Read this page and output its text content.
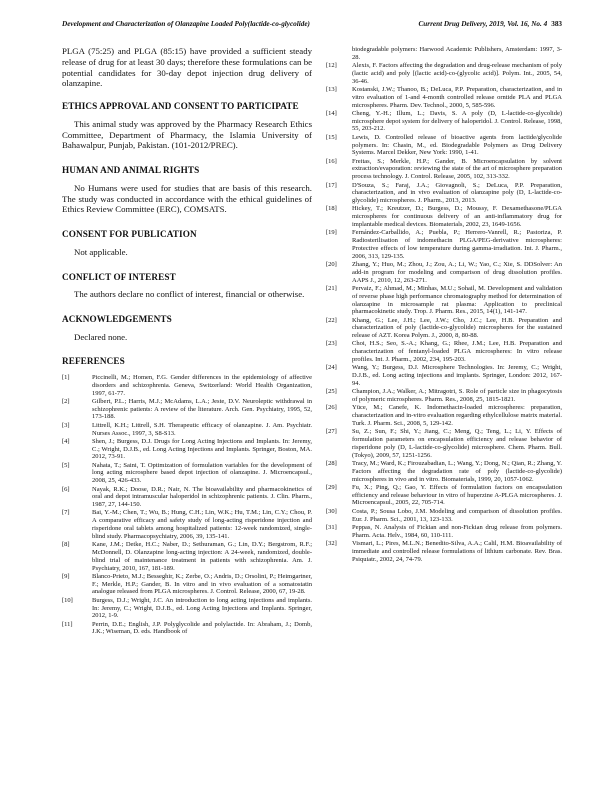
Development and Characterization of Olanzapine Loaded Poly(lactide-co-glycolide)	Current Drug Delivery, 2019, Vol. 16, No. 4 383

PLGA (75:25) and PLGA (85:15) have provided a sufficient steady release of drug for at least 30 days; therefore these formulations can be potential candidates for 30-day depot injection drug delivery of olanzapine.

ETHICS APPROVAL AND CONSENT TO PARTICIPATE

This animal study was approved by the Pharmacy Research Ethics Committee, Department of Pharmacy, the Islamia University of Bahawalpur, Punjab, Pakistan. (101-2012/PREC).

HUMAN AND ANIMAL RIGHTS

No Humans were used for studies that are basis of this research. The study was conducted in accordance with the ethical guidelines of Ethics Review Committee (ERC), COMSATS.

CONSENT FOR PUBLICATION

Not applicable.

CONFLICT OF INTEREST

The authors declare no conflict of interest, financial or otherwise.

ACKNOWLEDGEMENTS

Declared none.

REFERENCES
[1]	Piccinelli, M.; Homen, F.G. Gender differences in the epidemiology of affective disorders and schizophrenia. Geneva, Switzerland: World Health Organization, 1997, 61-77.
[2]	Gilbert, P.L.; Harris, M.J.; McAdams, L.A.; Jeste, D.V. Neuroleptic withdrawal in schizophrenic patients: A review of the literature. Arch. Gen. Psychiatry, 1995, 52, 173-188.
[3]	Littrell, K.H.; Littrell, S.H. Therapeutic efficacy of olanzapine. J. Am. Psychiatr. Nurses Assoc., 1997, 3, S8-S13.
[4]	Shen, J.; Burgess, D.J. Drugs for Long Acting Injections and Implants. In: Jeremy, C.; Wright, D.J.B., ed. Long Acting Injections and Implants. Springer, Boston, MA. 2012, 73-91.
[5]	Nahata, T.; Saini, T. Optimization of formulation variables for the development of long acting microsphere based depot injection of olanzapine. J. Microencapsul., 2008, 25, 426-433.
[6]	Nayak, R.K.; Doose, D.R.; Nair, N. The bioavailability and pharmacokinetics of oral and depot intramuscular haloperidol in schizophrenic patients. J. Clin. Pharm., 1987, 27, 144-150.
[7]	Bai, Y.-M.; Chen, T.; Wu, B.; Hung, C.H.; Lin, W.K.; Hu, T.M.; Lin, C.Y.; Chou, P. A comparative efficacy and safety study of long-acting risperidone injection and risperidone oral tablets among hospitalized patients: 12-week randomized, single-blind study. Pharmacopsychiatry, 2006, 39, 135-141.
[8]	Kane, J.M.; Detke, H.C.; Naber, D.; Sethuraman, G.; Lin, D.Y.; Bergstrom, R.F.; McDonnell, D. Olanzapine long-acting injection: A 24-week, randomized, double-blind trial of maintenance treatment in patients with schizophrenia. Am. J. Psychiatry, 2010, 167, 181-189.
[9]	Blanco-Prieto, M.J.; Besseghir, K.; Zerbe, O.; Andris, D.; Orsolini, P.; Heimgartner, F.; Merkle, H.P.; Gander, B. In vitro and in vivo evaluation of a somatostatin analogue released from PLGA microspheres. J. Control. Release, 2000, 67, 19-28.
[10]	Burgess, D.J.; Wright, J.C. An introduction to long acting injections and implants. In: Jeremy, C.; Wright, D.J.B., ed. Long Acting Injections and Implants. Springer, 2012, 1-9.
[11]	Perrin, D.E.; English, J.P. Polyglycolide and polylactide. In: Abraham, J.; Domb, J.K.; Wiseman, D. eds. Handbook of
biodegradable polymers: Harwood Academic Publishers, Amsterdam: 1997, 3-28.
[12] Alexis, F. Factors affecting the degradation and drug-release mechanism of poly (lactic acid) and poly [(lactic acid)-co-(glycolic acid)]. Polym. Int., 2005, 54, 36-46.
[13] Kostanski, J.W.; Thanoo, B.; DeLuca, P.P. Preparation, characterization, and in vitro evaluation of 1-and 4-month controlled release orntide PLA and PLGA microspheres. Pharm. Dev. Technol., 2000, 5, 585-596.
[14] Cheng, Y.-H.; Illum, L.; Davis, S. A poly (D, L-lactide-co-glycolide) microsphere depot system for delivery of haloperidol. J. Control. Release, 1998, 55, 203-212.
[15] Lewis, D. Controlled release of bioactive agents from lactide/glycolide polymers. In: Chasin, M., ed. Biodegradable Polymers as Drug Delivery Systems. Marcel Dekker, New York: 1990, 1-41.
[16] Freitas, S.; Merkle, H.P.; Gander, B. Microencapsulation by solvent extraction/evaporation: reviewing the state of the art of microsphere preparation process technology. J. Control. Release, 2005, 102, 313-332.
[17] D'Souza, S.; Faraj, J.A.; Giovagnoli, S.; DeLuca, P.P. Preparation, characterization, and in vivo evaluation of olanzapine poly (D, L-lactide-co-glycolide) microspheres. J. Pharm., 2013, 2013.
[18] Hickey, T.; Kreutzer, D.; Burgess, D.; Moussy, F. Dexamethasone/PLGA microspheres for continuous delivery of an anti-inflammatory drug for implantable medical devices. Biomaterials, 2002, 23, 1649-1656.
[19] Fernández-Carballido, A.; Puebla, P.; Herrero-Vanrell, R.; Pastoriza, P. Radiosterilisation of indomethacin PLGA/PEG-derivative microspheres: Protective effects of low temperature during gamma-irradiation. Int. J. Pharm., 2006, 313, 129-135.
[20] Zhang, Y.; Huo, M.; Zhou, J.; Zou, A.; Li, W.; Yao, C.; Xie, S. DDSolver: An add-in program for modeling and comparison of drug dissolution profiles. AAPS J., 2010, 12, 263-271.
[21] Pervaiz, F.; Ahmad, M.; Minhas, M.U.; Sohail, M. Development and validation of reverse phase high performance chromatography method for determination of olanzapine in microsample rat plasma: Application to preclinical pharmacokinetic study. Trop. J. Pharm. Res., 2015, 14(1), 141-147.
[22] Khang, G.; Lee, J.H.; Lee, J.W.; Cho, J.C.; Lee, H.B. Preparation and characterization of poly (lactide-co-glycolide) microspheres for the sustained release of AZT. Korea Polym. J., 2000, 8, 80-88.
[23] Choi, H.S.; Seo, S.-A.; Khang, G.; Rhee, J.M.; Lee, H.B. Preparation and characterization of fentanyl-loaded PLGA microspheres: In vitro release profiles. Int. J. Pharm., 2002, 234, 195-203.
[24] Wang, Y.; Burgess, D.J. Microsphere Technologies. In: Jeremy, C.; Wright, D.J.B., ed. Long acting injections and implants. Springer, London: 2012, 167-94.
[25] Champion, J.A.; Walker, A.; Mitragotri, S. Role of particle size in phagocytosis of polymeric microspheres. Pharm. Res., 2008, 25, 1815-1821.
[26] Yüce, M.; Canefe, K. Indomethacin-loaded microspheres: preparation, characterization and in-vitro evaluation regarding ethylcellulose matrix material. Turk. J. Pharm. Sci., 2008, 5, 129-142.
[27] Su, Z.; Sun, F.; Shi, Y.; Jiang, C.; Meng, Q.; Teng, L.; Li, Y. Effects of formulation parameters on encapsulation efficiency and release behavior of risperidone poly (D, L-lactide-co-glycolide) microsphere. Chem. Pharm. Bull. (Tokyo), 2009, 57, 1251-1256.
[28] Tracy, M.; Ward, K.; Firouzabadian, L.; Wang, Y.; Dong, N.; Qian, R.; Zhang, Y. Factors affecting the degradation rate of poly (lactide-co-glycolide) microspheres in vivo and in vitro. Biomaterials, 1999, 20, 1057-1062.
[29] Fu, X.; Ping, Q.; Gao, Y. Effects of formulation factors on encapsulation efficiency and release behaviour in vitro of huperzine A-PLGA microspheres. J. Microencapsul., 2005, 22, 705-714.
[30] Costa, P.; Sousa Lobo, J.M. Modeling and comparison of dissolution profiles. Eur. J. Pharm. Sci., 2001, 13, 123-133.
[31] Peppas, N. Analysis of Fickian and non-Fickian drug release from polymers. Pharm. Acta. Helv., 1984, 60, 110-111.
[32] Vismari, L.; Pires, M.L.N.; Benedito-Silva, A.A.; Calil, H.M. Bioavailability of immediate and controlled release formulations of lithium carbonate. Rev. Bras. Psiquiatr., 2002, 24, 74-79.
